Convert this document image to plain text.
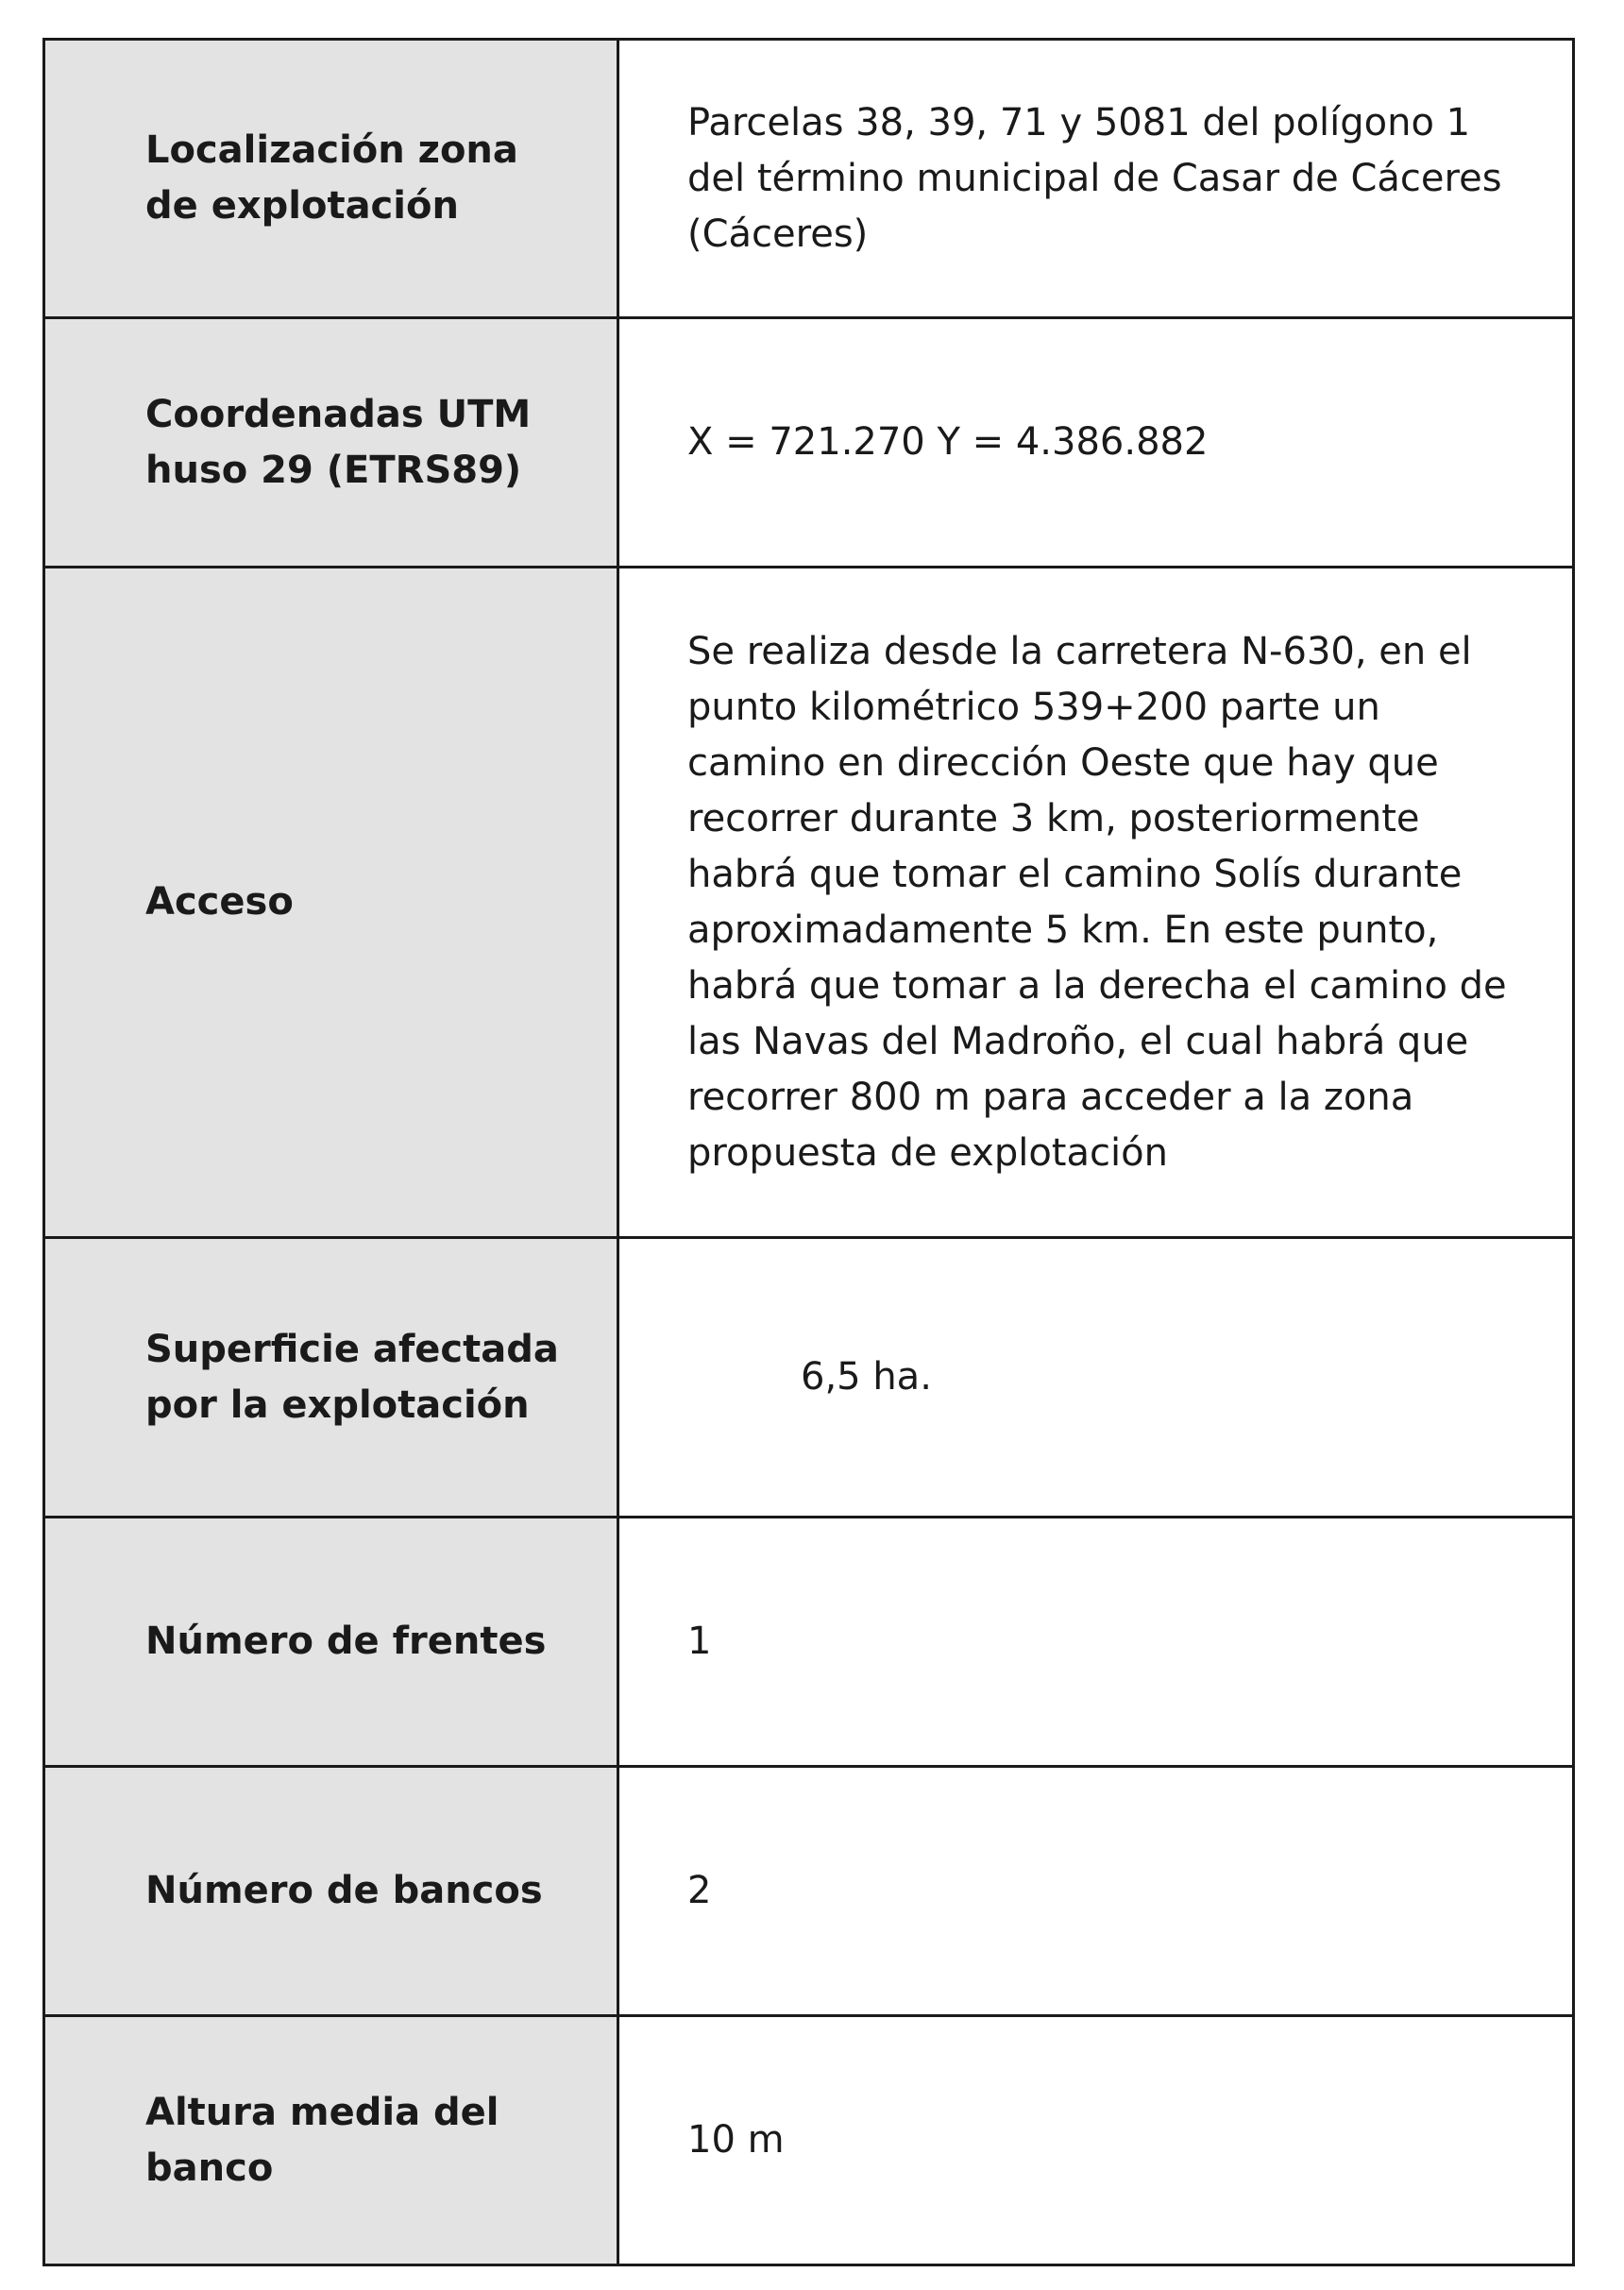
Localización zona de explotación	Parcelas 38, 39, 71 y 5081 del polígono 1 del término municipal de Casar de Cáceres (Cáceres)
Coordenadas UTM huso 29 (ETRS89)	X = 721.270 Y = 4.386.882
Acceso	Se realiza desde la carretera N-630, en el punto kilométrico 539+200 parte un camino en dirección Oeste que hay que recorrer durante 3 km, posteriormente habrá que tomar el camino Solís durante aproximadamente 5 km. En este punto, habrá que tomar a la derecha el camino de las Navas del Madroño, el cual habrá que recorrer 800 m para acceder a la zona propuesta de explotación
Superficie afectada por la explotación	6,5 ha.
Número de frentes	1
Número de bancos	2
Altura media del banco	10 m
